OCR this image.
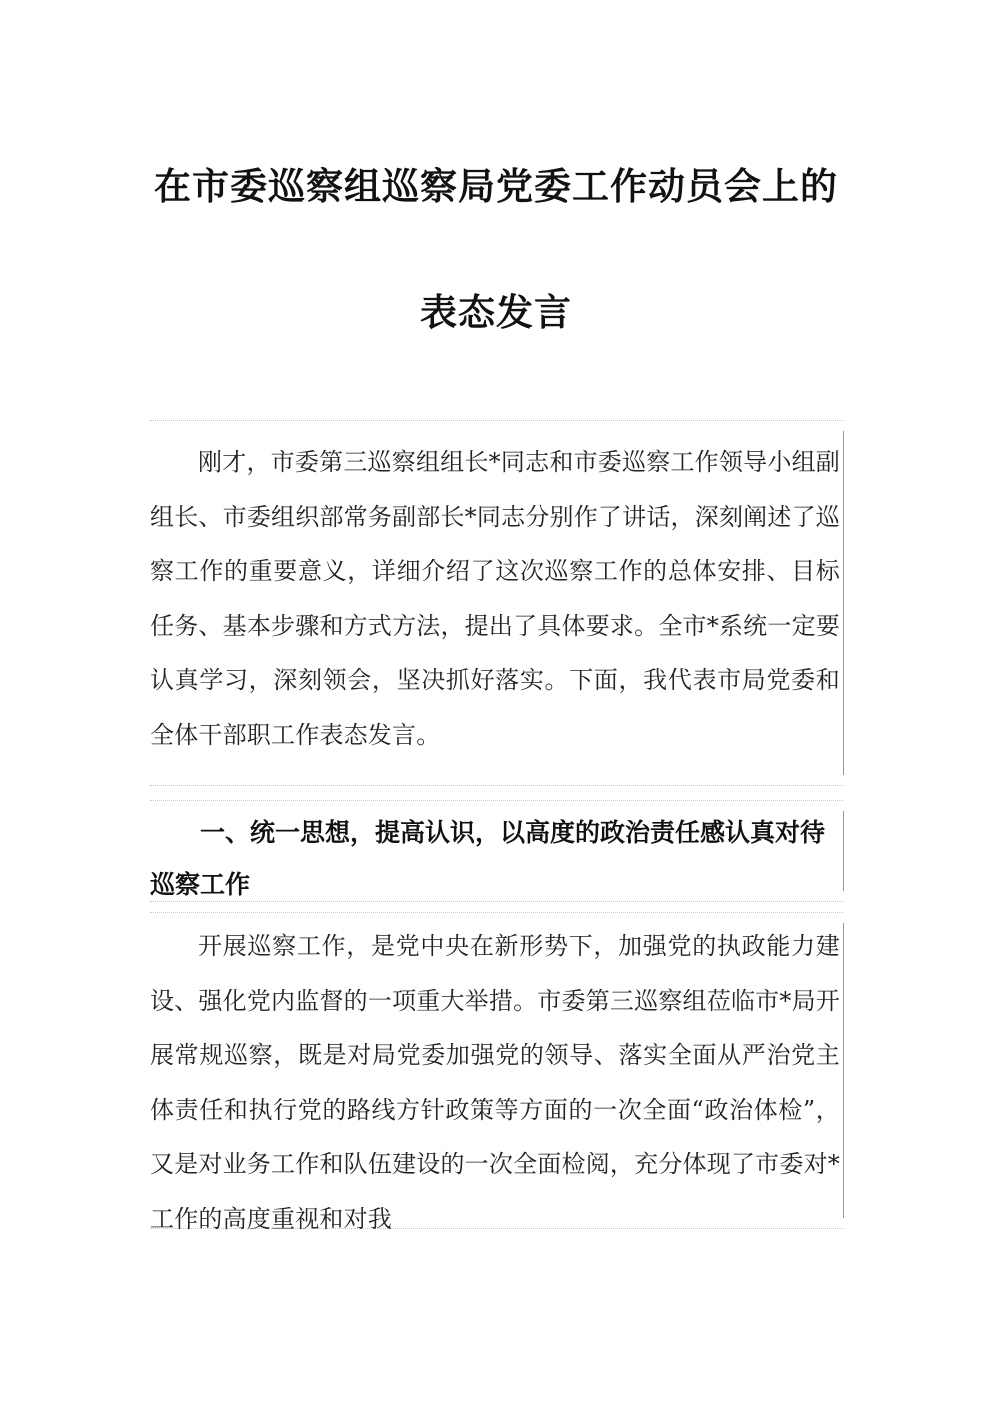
在市委巡察组巡察局党委工作动员会上的
表态发言

刚才，市委第三巡察组组长*同志和市委巡察工作领导小组副组长、市委组织部常务副部长*同志分别作了讲话，深刻阐述了巡察工作的重要意义，详细介绍了这次巡察工作的总体安排、目标任务、基本步骤和方式方法，提出了具体要求。全市*系统一定要认真学习，深刻领会，坚决抓好落实。下面，我代表市局党委和全体干部职工作表态发言。

一、统一思想，提高认识，以高度的政治责任感认真对待巡察工作

开展巡察工作，是党中央在新形势下，加强党的执政能力建设、强化党内监督的一项重大举措。市委第三巡察组莅临市*局开展常规巡察，既是对局党委加强党的领导、落实全面从严治党主体责任和执行党的路线方针政策等方面的一次全面“政治体检”，又是对业务工作和队伍建设的一次全面检阅，充分体现了市委对*工作的高度重视和对我
